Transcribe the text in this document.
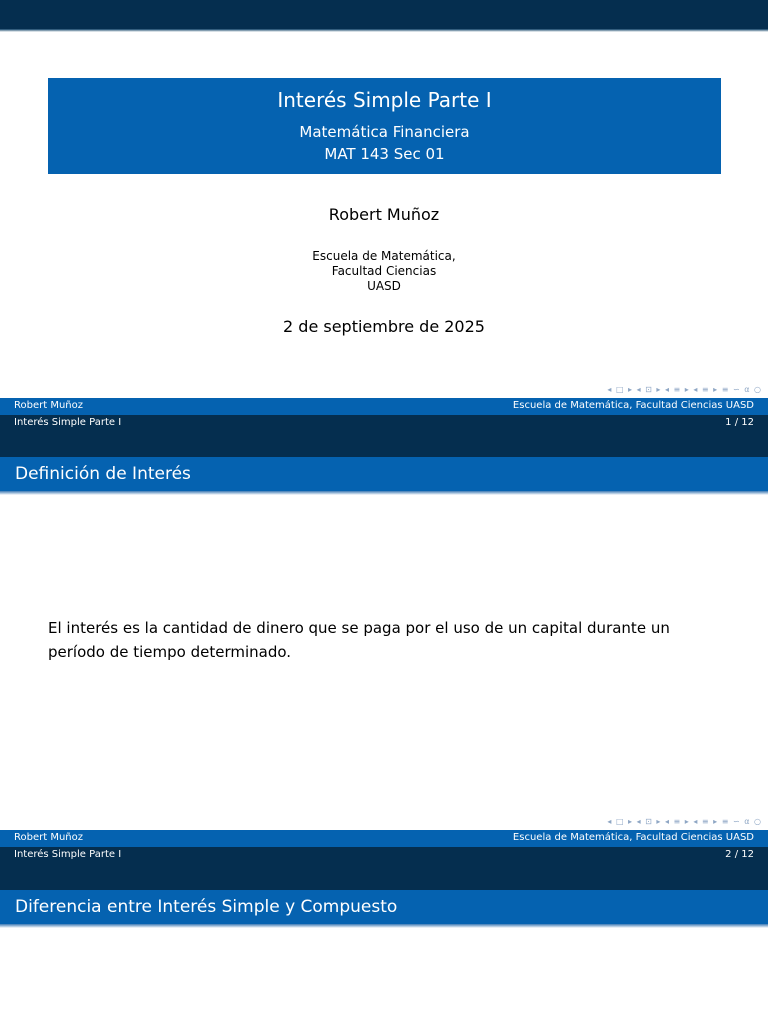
Interés Simple Parte I
Matemática Financiera
MAT 143 Sec 01
Robert Muñoz
Escuela de Matemática,
Facultad Ciencias
UASD
2 de septiembre de 2025
◂ □ ▸ ◂ ⊡ ▸ ◂ ≡ ▸ ◂ ≡ ▸ ≡ ∽ α ○
Robert Muñoz	Escuela de Matemática, Facultad Ciencias UASD
Interés Simple Parte I	1 / 12
Definición de Interés
El interés es la cantidad de dinero que se paga por el uso de un capital durante un período de tiempo determinado.
◂ □ ▸ ◂ ⊡ ▸ ◂ ≡ ▸ ◂ ≡ ▸ ≡ ∽ α ○
Robert Muñoz	Escuela de Matemática, Facultad Ciencias UASD
Interés Simple Parte I	2 / 12
Diferencia entre Interés Simple y Compuesto
